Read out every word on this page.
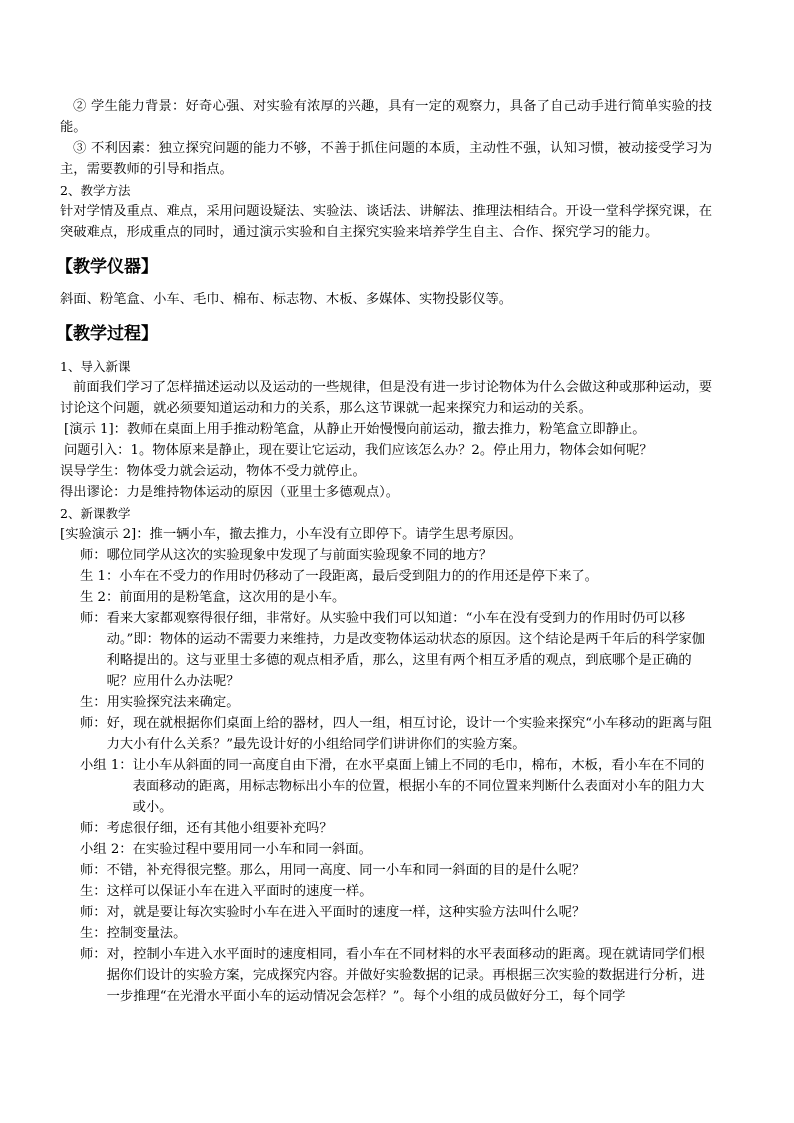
② 学生能力背景：好奇心强、对实验有浓厚的兴趣，具有一定的观察力，具备了自己动手进行简单实验的技能。

③ 不利因素：独立探究问题的能力不够，不善于抓住问题的本质，主动性不强，认知习惯，被动接受学习为主，需要教师的引导和指点。

2、教学方法

针对学情及重点、难点，采用问题设疑法、实验法、谈话法、讲解法、推理法相结合。开设一堂科学探究课，在突破难点，形成重点的同时，通过演示实验和自主探究实验来培养学生自主、合作、探究学习的能力。

【教学仪器】

斜面、粉笔盒、小车、毛巾、棉布、标志物、木板、多媒体、实物投影仪等。

【教学过程】

1、导入新课

前面我们学习了怎样描述运动以及运动的一些规律，但是没有进一步讨论物体为什么会做这种或那种运动，要讨论这个问题，就必须要知道运动和力的关系，那么这节课就一起来探究力和运动的关系。

[演示 1]：教师在桌面上用手推动粉笔盒，从静止开始慢慢向前运动，撤去推力，粉笔盒立即静止。

问题引入：1。物体原来是静止，现在要让它运动，我们应该怎么办？2。停止用力，物体会如何呢？

误导学生：物体受力就会运动，物体不受力就停止。

得出谬论：力是维持物体运动的原因（亚里士多德观点）。

2、新课教学

[实验演示 2]：推一辆小车，撤去推力，小车没有立即停下。请学生思考原因。

师： 哪位同学从这次的实验现象中发现了与前面实验现象不同的地方？
生 1： 小车在不受力的作用时仍移动了一段距离，最后受到阻力的的作用还是停下来了。
生 2： 前面用的是粉笔盒，这次用的是小车。
师： 看来大家都观察得很仔细，非常好。从实验中我们可以知道：“小车在没有受到力的作用时仍可以移动。”即：物体的运动不需要力来维持，力是改变物体运动状态的原因。这个结论是两千年后的科学家伽利略提出的。这与亚里士多德的观点相矛盾，那么，这里有两个相互矛盾的观点，到底哪个是正确的呢？应用什么办法呢？
生： 用实验探究法来确定。
师： 好，现在就根据你们桌面上给的器材，四人一组，相互讨论，设计一个实验来探究“小车移动的距离与阻力大小有什么关系？”最先设计好的小组给同学们讲讲你们的实验方案。
小组 1： 让小车从斜面的同一高度自由下滑，在水平桌面上铺上不同的毛巾，棉布，木板，看小车在不同的表面移动的距离，用标志物标出小车的位置，根据小车的不同位置来判断什么表面对小车的阻力大或小。
师： 考虑很仔细，还有其他小组要补充吗？
小组 2： 在实验过程中要用同一小车和同一斜面。
师： 不错，补充得很完整。那么，用同一高度、同一小车和同一斜面的目的是什么呢？
生： 这样可以保证小车在进入平面时的速度一样。
师： 对，就是要让每次实验时小车在进入平面时的速度一样，这种实验方法叫什么呢？
生： 控制变量法。
师： 对，控制小车进入水平面时的速度相同，看小车在不同材料的水平表面移动的距离。现在就请同学们根据你们设计的实验方案，完成探究内容。并做好实验数据的记录。再根据三次实验的数据进行分析，进一步推理“在光滑水平面小车的运动情况会怎样？”。每个小组的成员做好分工，每个同学
